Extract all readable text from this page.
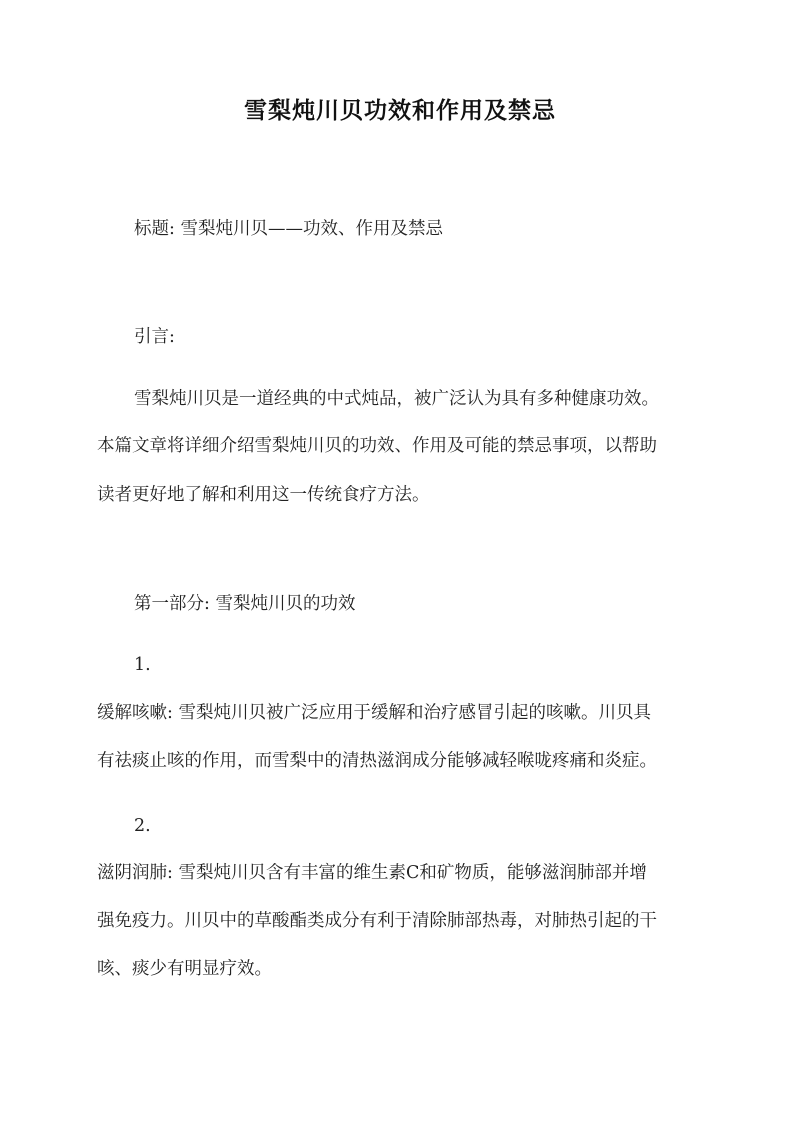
雪梨炖川贝功效和作用及禁忌
标题: 雪梨炖川贝——功效、作用及禁忌
引言:
雪梨炖川贝是一道经典的中式炖品，被广泛认为具有多种健康功效。
本篇文章将详细介绍雪梨炖川贝的功效、作用及可能的禁忌事项，以帮助
读者更好地了解和利用这一传统食疗方法。
第一部分: 雪梨炖川贝的功效
1.
缓解咳嗽: 雪梨炖川贝被广泛应用于缓解和治疗感冒引起的咳嗽。川贝具
有祛痰止咳的作用，而雪梨中的清热滋润成分能够减轻喉咙疼痛和炎症。
2.
滋阴润肺: 雪梨炖川贝含有丰富的维生素C和矿物质，能够滋润肺部并增
强免疫力。川贝中的草酸酯类成分有利于清除肺部热毒，对肺热引起的干
咳、痰少有明显疗效。
